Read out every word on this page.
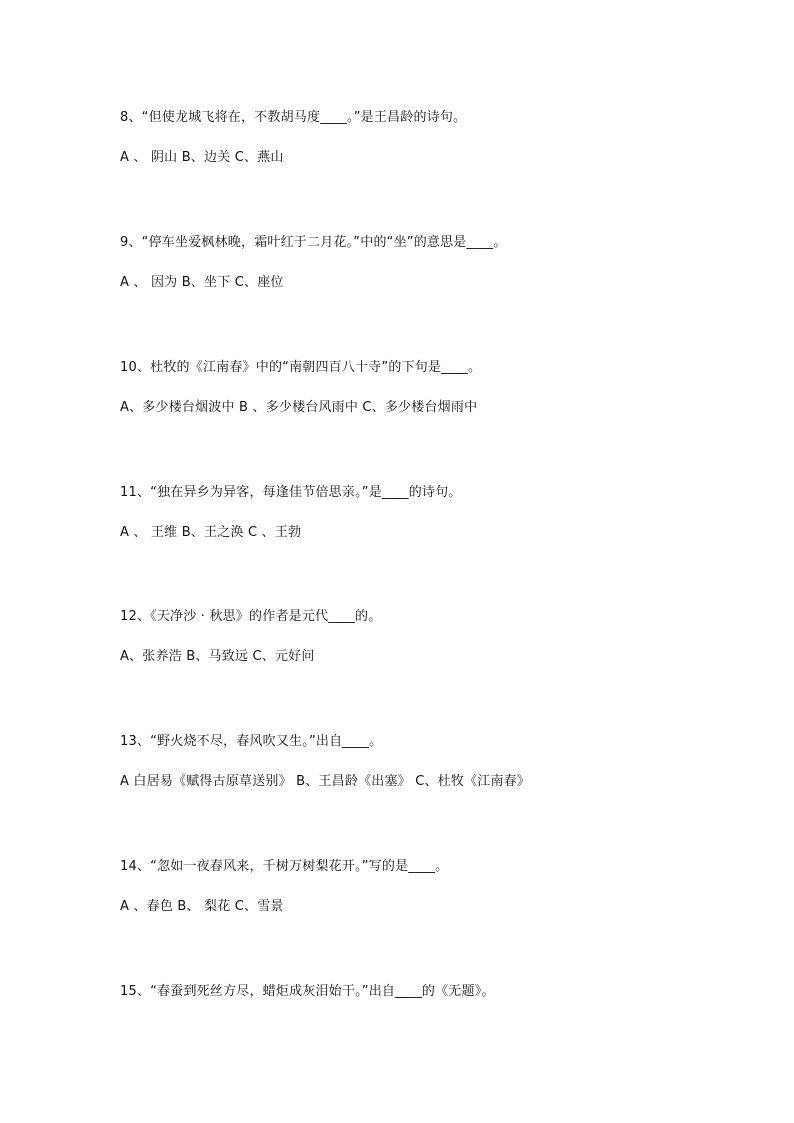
8、“但使龙城飞将在，不教胡马度____。”是王昌龄的诗句。
A 、 阴山 B、边关 C、燕山
9、“停车坐爱枫林晚，霜叶红于二月花。”中的“坐”的意思是____。
A 、 因为 B、坐下 C、座位
10、杜牧的《江南春》中的“南朝四百八十寺”的下句是____。
A、多少楼台烟波中 B 、多少楼台风雨中 C、多少楼台烟雨中
11、“独在异乡为异客，每逢佳节倍思亲。”是____的诗句。
A 、 王维 B、王之涣 C 、王勃
12、《天净沙 · 秋思》的作者是元代____的。
A、张养浩 B、马致远 C、元好问
13、“野火烧不尽，春风吹又生。”出自____。
A 白居易《赋得古原草送别》 B、王昌龄《出塞》 C、杜牧《江南春》
14、“忽如一夜春风来，千树万树梨花开。”写的是____。
A 、春色 B、 梨花 C、雪景
15、“春蚕到死丝方尽，蜡炬成灰泪始干。”出自____的《无题》。
